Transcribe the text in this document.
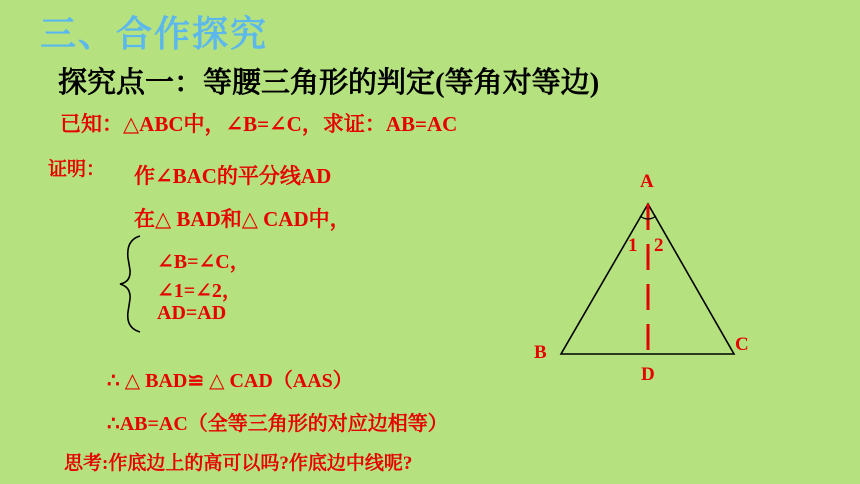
三、合作探究
探究点一：等腰三角形的判定(等角对等边)
已知：△ABC中，∠B=∠C，求证：AB=AC
证明： 作∠BAC的平分线AD
在△ BAD和△ CAD中，
∠B=∠C，
∠1=∠2，
AD=AD
A
B	C
D
1 2
∴ △ BAD≌ △ CAD（AAS）
∴AB=AC（全等三角形的对应边相等）
思考:作底边上的高可以吗?作底边中线呢?
